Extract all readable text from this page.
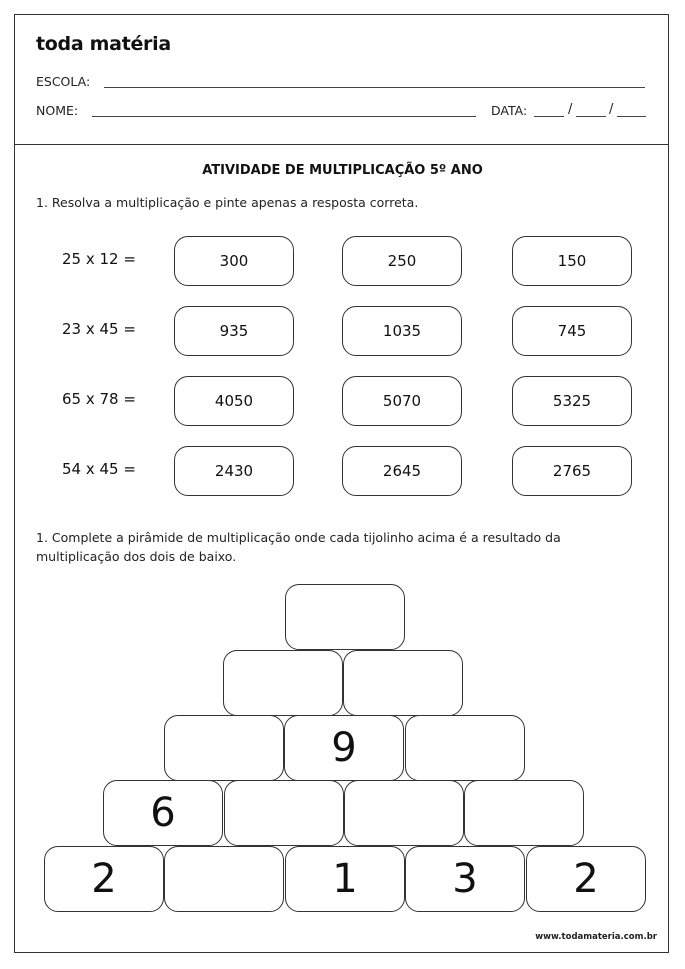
toda matéria
ESCOLA:
NOME:	DATA:	/	/
ATIVIDADE DE MULTIPLICAÇÃO 5º ANO
1. Resolva a multiplicação e pinte apenas a resposta correta.
25 x 12 =	300	250	150
23 x 45 =	935	1035	745
65 x 78 =	4050	5070	5325
54 x 45 =	2430	2645	2765
1. Complete a pirâmide de multiplicação onde cada tijolinho acima é a resultado da
multiplicação dos dois de baixo.
9
6
2	1	3	2
www.todamateria.com.br
